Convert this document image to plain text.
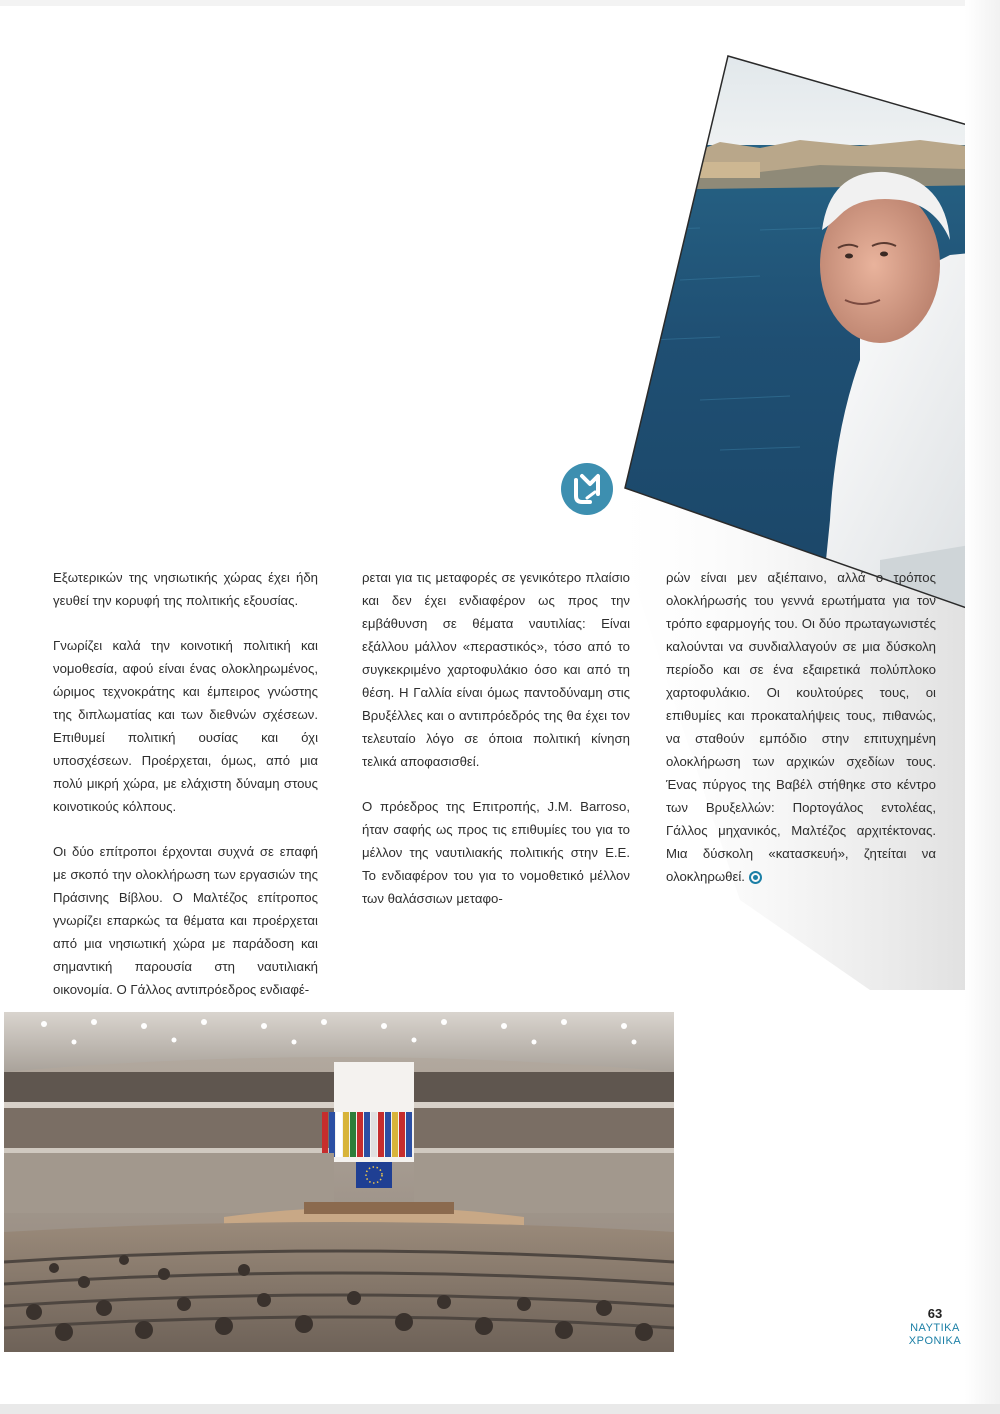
Εξωτερικών της νησιωτικής χώρας έχει ήδη γευθεί την κορυφή της πολιτικής εξουσίας.

Γνωρίζει καλά την κοινοτική πολιτική και νομοθεσία, αφού είναι ένας ολοκληρωμένος, ώριμος τεχνοκράτης και έμπειρος γνώστης της διπλωματίας και των διεθνών σχέσεων. Επιθυμεί πολιτική ουσίας και όχι υποσχέσεων. Προέρχεται, όμως, από μια πολύ μικρή χώρα, με ελάχιστη δύναμη στους κοινοτικούς κόλπους.

Οι δύο επίτροποι έρχονται συχνά σε επαφή με σκοπό την ολοκλήρωση των εργασιών της Πράσινης Βίβλου. Ο Μαλτέζος επίτροπος γνωρίζει επαρκώς τα θέματα και προέρχεται από μια νησιωτική χώρα με παράδοση και σημαντική παρουσία στη ναυτιλιακή οικονομία. Ο Γάλλος αντιπρόεδρος ενδιαφέ-

ρεται για τις μεταφορές σε γενικότερο πλαίσιο και δεν έχει ενδιαφέρον ως προς την εμβάθυνση σε θέματα ναυτιλίας: Είναι εξάλλου μάλλον «περαστικός», τόσο από το συγκεκριμένο χαρτοφυλάκιο όσο και από τη θέση. Η Γαλλία είναι όμως παντοδύναμη στις Βρυξέλλες και ο αντιπρόεδρός της θα έχει τον τελευταίο λόγο σε όποια πολιτική κίνηση τελικά αποφασισθεί.

Ο πρόεδρος της Επιτροπής, J.M. Barroso, ήταν σαφής ως προς τις επιθυμίες του για το μέλλον της ναυτιλιακής πολιτικής στην Ε.Ε. Το ενδιαφέρον του για το νομοθετικό μέλλον των θαλάσσιων μεταφο-

ρών είναι μεν αξιέπαινο, αλλά ο τρόπος ολοκλήρωσής του γεννά ερωτήματα για τον τρόπο εφαρμογής του. Οι δύο πρωταγωνιστές καλούνται να συνδιαλλαγούν σε μια δύσκολη περίοδο και σε ένα εξαιρετικά πολύπλοκο χαρτοφυλάκιο. Οι κουλτούρες τους, οι επιθυμίες και προκαταλήψεις τους, πιθανώς, να σταθούν εμπόδιο στην επιτυχημένη ολοκλήρωση των αρχικών σχεδίων τους. Ένας πύργος της Βαβέλ στήθηκε στο κέντρο των Βρυξελλών: Πορτογάλος εντολέας, Γάλλος μηχανικός, Μαλτέζος αρχιτέκτονας. Μια δύσκολη «κατασκευή», ζητείται να ολοκληρωθεί.

63
ΝΑΥΤΙΚΑ
ΧΡΟΝΙΚΑ
